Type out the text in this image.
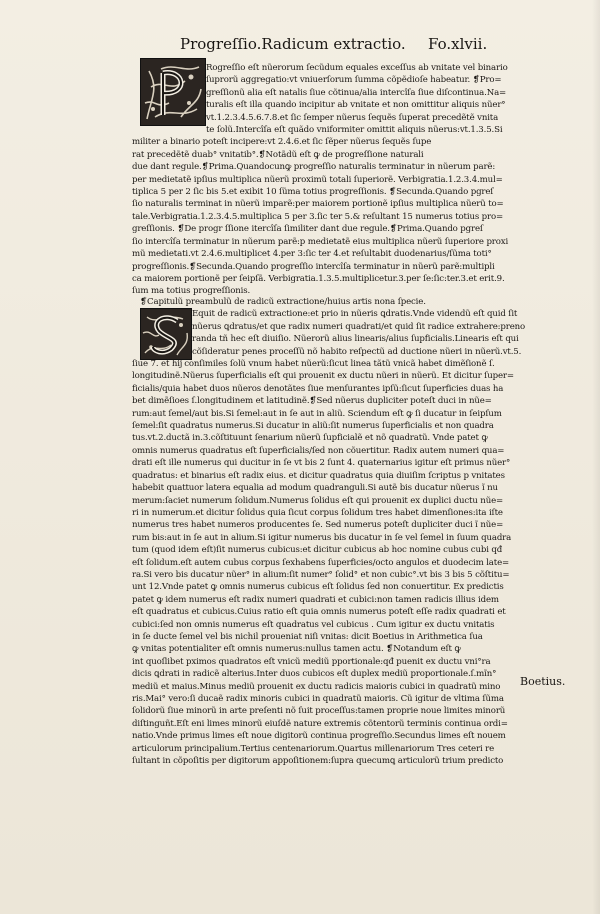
Progreſſio.Radicum extractio. Fo.xlvii.
Rogreſſio eſt nũerorum ſecũdum equales exceſſus ab vnitate vel binario
ſuprorũ aggregatio:vt vniuerſorum ſumma cõpẽdioſe habeatur. ❡Pro=
greſſionũ alia eſt natalis ſiue cõtinua/alia intercîſa ſiue diſcontinua.Na=
turalis eſt illa quando incipitur ab vnitate et non omittitur aliquis nũer°
vt.1.2.3.4.5.6.7.8.et ſic ſemper nũerus ſequẽs ſuperat precedẽtẽ vnita
te ſolũ.Intercîſa eſt quãdo vniformiter omittit aliquis nũerus:vt.1.3.5.Si
militer a binario poteſt incipere:vt 2.4.6.et ſic ſẽper nũerus ſequẽs ſupe
rat precedẽtẽ duab° vnitatib°.❡Notãdũ eſt ꝙ de progreſſione naturali
due dant regule.❡Prima.Quandocunꝙ progreſſio naturalis terminatur in nũerum parẽ:
per medietatẽ ipſius multiplica nũerũ proximũ totali ſuperiorẽ. Verbigratia.1.2.3.4.mul=
tiplica 5 per 2 ſic bis 5.et exibit 10 ſũma totius progreſſionis. ❡Secunda.Quando pgreſ
ſio naturalis terminat in nũerũ imparẽ:per maiorem portionẽ ipſius multiplica nũerũ to=
tale.Verbigratia.1.2.3.4.5.multiplica 5 per 3.ſic ter 5.& reſultant 15 numerus totius pro=
greſſionis. ❡De progr ſſione itercîſa ſimiliter dant due regule.❡Prima.Quando pgreſ
ſio intercîſa terminatur in nũerum parẽ:p medietatẽ eius multiplica nũerũ ſuperiore proxi
mũ medietati.vt 2.4.6.multiplicet 4.per 3:ſic ter 4.et reſultabit duodenarius/ſũma toti°
progreſſionis.❡Secunda.Quando progreſſio intercîſa terminatur in nũerũ parẽ:multipli
ca maiorem portionẽ per ſeipſã. Verbigratia.1.3.5.multiplicetur.3.per ſe:ſic:ter.3.et erit.9.
ſum ma totius progreſſionis.
❡Capitulũ preambulũ de radicũ extractione/huius artis nona ſpecie.
Equit de radicũ extractione:et prio in nũeris ꝗdratis.Vnde videndũ eſt quid ſit
nũerus ꝗdratus/et que radix numeri quadrati/et quid ſit radice extrahere:preno
randa tñ hec eſt diuiſio. Nũerorũ alius linearis/alius ſupficialis.Linearis eſt qui
cõſideratur penes proceſſũ nõ habito reſpectũ ad ductione nũeri in nũerũ.vt.5.
ſiue 7. et hĳ conſimiles ſolũ vnum habet nũerũ:ſicut linea tãtũ vnicã habet dimẽſionẽ ſ.
longitudinẽ.Nũerus ſuperficialis eſt qui prouenit ex ductu nũeri in nũerũ. Et dicitur ſuper=
ficialis/quia habet duos nũeros denotãtes ſiue menſurantes ipſũ:ſicut ſuperficies duas ha
bet dimẽſioes ſ.longitudinem et latitudinẽ.❡Sed nũerus dupliciter poteſt duci in nũe=
rum:aut ſemel/aut bis.Si ſemel:aut in ſe aut in aliũ. Sciendum eſt ꝙ ſi ducatur in ſeipſum
ſemel:ſit quadratus numerus.Si ducatur in aliũ:ſit numerus ſuperficialis et non quadra
tus.vt.2.ductã in.3.cõſtituunt ſenarium nũerũ ſupficialẽ et nõ quadratũ. Vnde patet ꝙ
omnis numerus quadratus eſt ſuperficialis/ſed non cõuertitur. Radix autem numeri qua=
drati eſt ille numerus qui ducitur in ſe vt bis 2 ſunt 4. quaternarius igitur eſt primus nũer°
quadratus: et binarius eſt radix eius. et dicitur quadratus quia diuiſim ſcriptus p vnitates
habebit quattuor latera equalia ad modum quadranguli.Si autẽ bis ducatur nũerus ĩ nu
merum:ſaciet numerum ſolidum.Numerus ſolidus eſt qui prouenit ex duplici ductu nũe=
ri in numerum.et dicitur ſolidus quia ſicut corpus ſolidum tres habet dimenſiones:ita iſte
numerus tres habet numeros producentes ſe. Sed numerus poteſt dupliciter duci ĩ nũe=
rum bis:aut in ſe aut in alium.Si igitur numerus bis ducatur in ſe vel ſemel in ſuum quadra
tum (quod idem eſt)ſit numerus cubicus:et dicitur cubicus ab hoc nomine cubus cubi qđ
eſt ſolidum.eſt autem cubus corpus ſexhabens ſuperficies/octo angulos et duodecim late=
ra.Si vero bis ducatur nũer° in alium:ſit numer° ſolid° et non cubic°.vt bis 3 bis 5 cõſtitu=
unt 12.Vnde patet ꝙ omnis numerus cubicus eſt ſolidus ſed non conuertitur. Ex predictis
patet ꝙ idem numerus eſt radix numeri quadrati et cubici:non tamen radicis illius idem
eſt quadratus et cubicus.Cuius ratio eſt quia omnis numerus poteſt eſſe radix quadrati et
cubici:ſed non omnis numerus eſt quadratus vel cubicus . Cum igitur ex ductu vnitatis
in ſe ducte ſemel vel bis nichil proueniat niſi vnitas: dicit Boetius in Arithmetica ſua
ꝙ vnitas potentialiter eſt omnis numerus:nullus tamen actu. ❡Notandum eſt ꝙ
int quoſlibet pximos quadratos eſt vnicũ mediũ pportionale:qđ puenit ex ductu vni°ra
dicis ꝗdrati in radicẽ alterius.Inter duos cubicos eſt duplex mediũ proportionale.ſ.mĩn°
mediũ et maius.Minus mediũ prouenit ex ductu radicis maioris cubici in quadratũ mino
ris.Mai° vero:ſi ducaẽ radix minoris cubici in quadratũ maioris. Cũ igitur de vltima ſũma
ſolidorũ ſiue minorũ in arte preſenti nõ ſuit proceſſus:tamen proprie noue limites minorũ
diſtinguñt.Eſt eni limes minorũ eiuſdẽ nature extremis cõtentorũ terminis continua ordi=
natio.Vnde primus limes eſt noue digitorũ continua progreſſio.Secundus limes eſt nouem
articulorum principalium.Tertius centenariorum.Quartus millenariorum Tres ceteri re
ſultant in cõpoſitis per digitorum appoſitionem:ſupra quecumꝗ articulorũ trium predicto
Boetius.
